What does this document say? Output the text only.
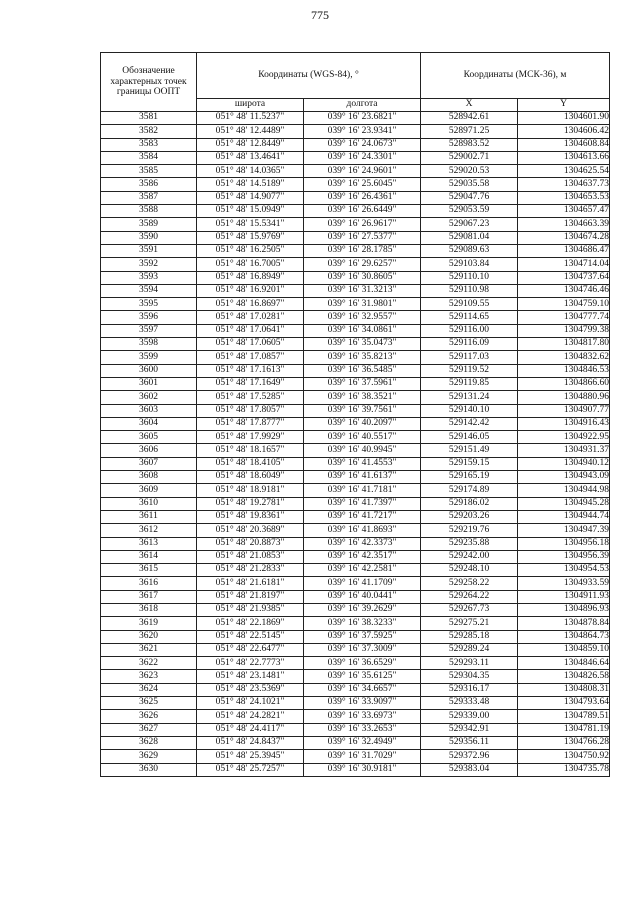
775
Обозначение характерных точек границы ООПТ	Координаты (WGS-84), °		Координаты (МСК-36), м	
	широта	долгота	X	Y
3581	051° 48' 11.5237"	039° 16' 23.6821"	528942.61	1304601.90
3582	051° 48' 12.4489"	039° 16' 23.9341"	528971.25	1304606.42
3583	051° 48' 12.8449"	039° 16' 24.0673"	528983.52	1304608.84
3584	051° 48' 13.4641"	039° 16' 24.3301"	529002.71	1304613.66
3585	051° 48' 14.0365"	039° 16' 24.9601"	529020.53	1304625.54
3586	051° 48' 14.5189"	039° 16' 25.6045"	529035.58	1304637.73
3587	051° 48' 14.9077"	039° 16' 26.4361"	529047.76	1304653.53
3588	051° 48' 15.0949"	039° 16' 26.6449"	529053.59	1304657.47
3589	051° 48' 15.5341"	039° 16' 26.9617"	529067.23	1304663.39
3590	051° 48' 15.9769"	039° 16' 27.5377"	529081.04	1304674.28
3591	051° 48' 16.2505"	039° 16' 28.1785"	529089.63	1304686.47
3592	051° 48' 16.7005"	039° 16' 29.6257"	529103.84	1304714.04
3593	051° 48' 16.8949"	039° 16' 30.8605"	529110.10	1304737.64
3594	051° 48' 16.9201"	039° 16' 31.3213"	529110.98	1304746.46
3595	051° 48' 16.8697"	039° 16' 31.9801"	529109.55	1304759.10
3596	051° 48' 17.0281"	039° 16' 32.9557"	529114.65	1304777.74
3597	051° 48' 17.0641"	039° 16' 34.0861"	529116.00	1304799.38
3598	051° 48' 17.0605"	039° 16' 35.0473"	529116.09	1304817.80
3599	051° 48' 17.0857"	039° 16' 35.8213"	529117.03	1304832.62
3600	051° 48' 17.1613"	039° 16' 36.5485"	529119.52	1304846.53
3601	051° 48' 17.1649"	039° 16' 37.5961"	529119.85	1304866.60
3602	051° 48' 17.5285"	039° 16' 38.3521"	529131.24	1304880.96
3603	051° 48' 17.8057"	039° 16' 39.7561"	529140.10	1304907.77
3604	051° 48' 17.8777"	039° 16' 40.2097"	529142.42	1304916.43
3605	051° 48' 17.9929"	039° 16' 40.5517"	529146.05	1304922.95
3606	051° 48' 18.1657"	039° 16' 40.9945"	529151.49	1304931.37
3607	051° 48' 18.4105"	039° 16' 41.4553"	529159.15	1304940.12
3608	051° 48' 18.6049"	039° 16' 41.6137"	529165.19	1304943.09
3609	051° 48' 18.9181"	039° 16' 41.7181"	529174.89	1304944.98
3610	051° 48' 19.2781"	039° 16' 41.7397"	529186.02	1304945.28
3611	051° 48' 19.8361"	039° 16' 41.7217"	529203.26	1304944.74
3612	051° 48' 20.3689"	039° 16' 41.8693"	529219.76	1304947.39
3613	051° 48' 20.8873"	039° 16' 42.3373"	529235.88	1304956.18
3614	051° 48' 21.0853"	039° 16' 42.3517"	529242.00	1304956.39
3615	051° 48' 21.2833"	039° 16' 42.2581"	529248.10	1304954.53
3616	051° 48' 21.6181"	039° 16' 41.1709"	529258.22	1304933.59
3617	051° 48' 21.8197"	039° 16' 40.0441"	529264.22	1304911.93
3618	051° 48' 21.9385"	039° 16' 39.2629"	529267.73	1304896.93
3619	051° 48' 22.1869"	039° 16' 38.3233"	529275.21	1304878.84
3620	051° 48' 22.5145"	039° 16' 37.5925"	529285.18	1304864.73
3621	051° 48' 22.6477"	039° 16' 37.3009"	529289.24	1304859.10
3622	051° 48' 22.7773"	039° 16' 36.6529"	529293.11	1304846.64
3623	051° 48' 23.1481"	039° 16' 35.6125"	529304.35	1304826.58
3624	051° 48' 23.5369"	039° 16' 34.6657"	529316.17	1304808.31
3625	051° 48' 24.1021"	039° 16' 33.9097"	529333.48	1304793.64
3626	051° 48' 24.2821"	039° 16' 33.6973"	529339.00	1304789.51
3627	051° 48' 24.4117"	039° 16' 33.2653"	529342.91	1304781.19
3628	051° 48' 24.8437"	039° 16' 32.4949"	529356.11	1304766.28
3629	051° 48' 25.3945"	039° 16' 31.7029"	529372.96	1304750.92
3630	051° 48' 25.7257"	039° 16' 30.9181"	529383.04	1304735.78
